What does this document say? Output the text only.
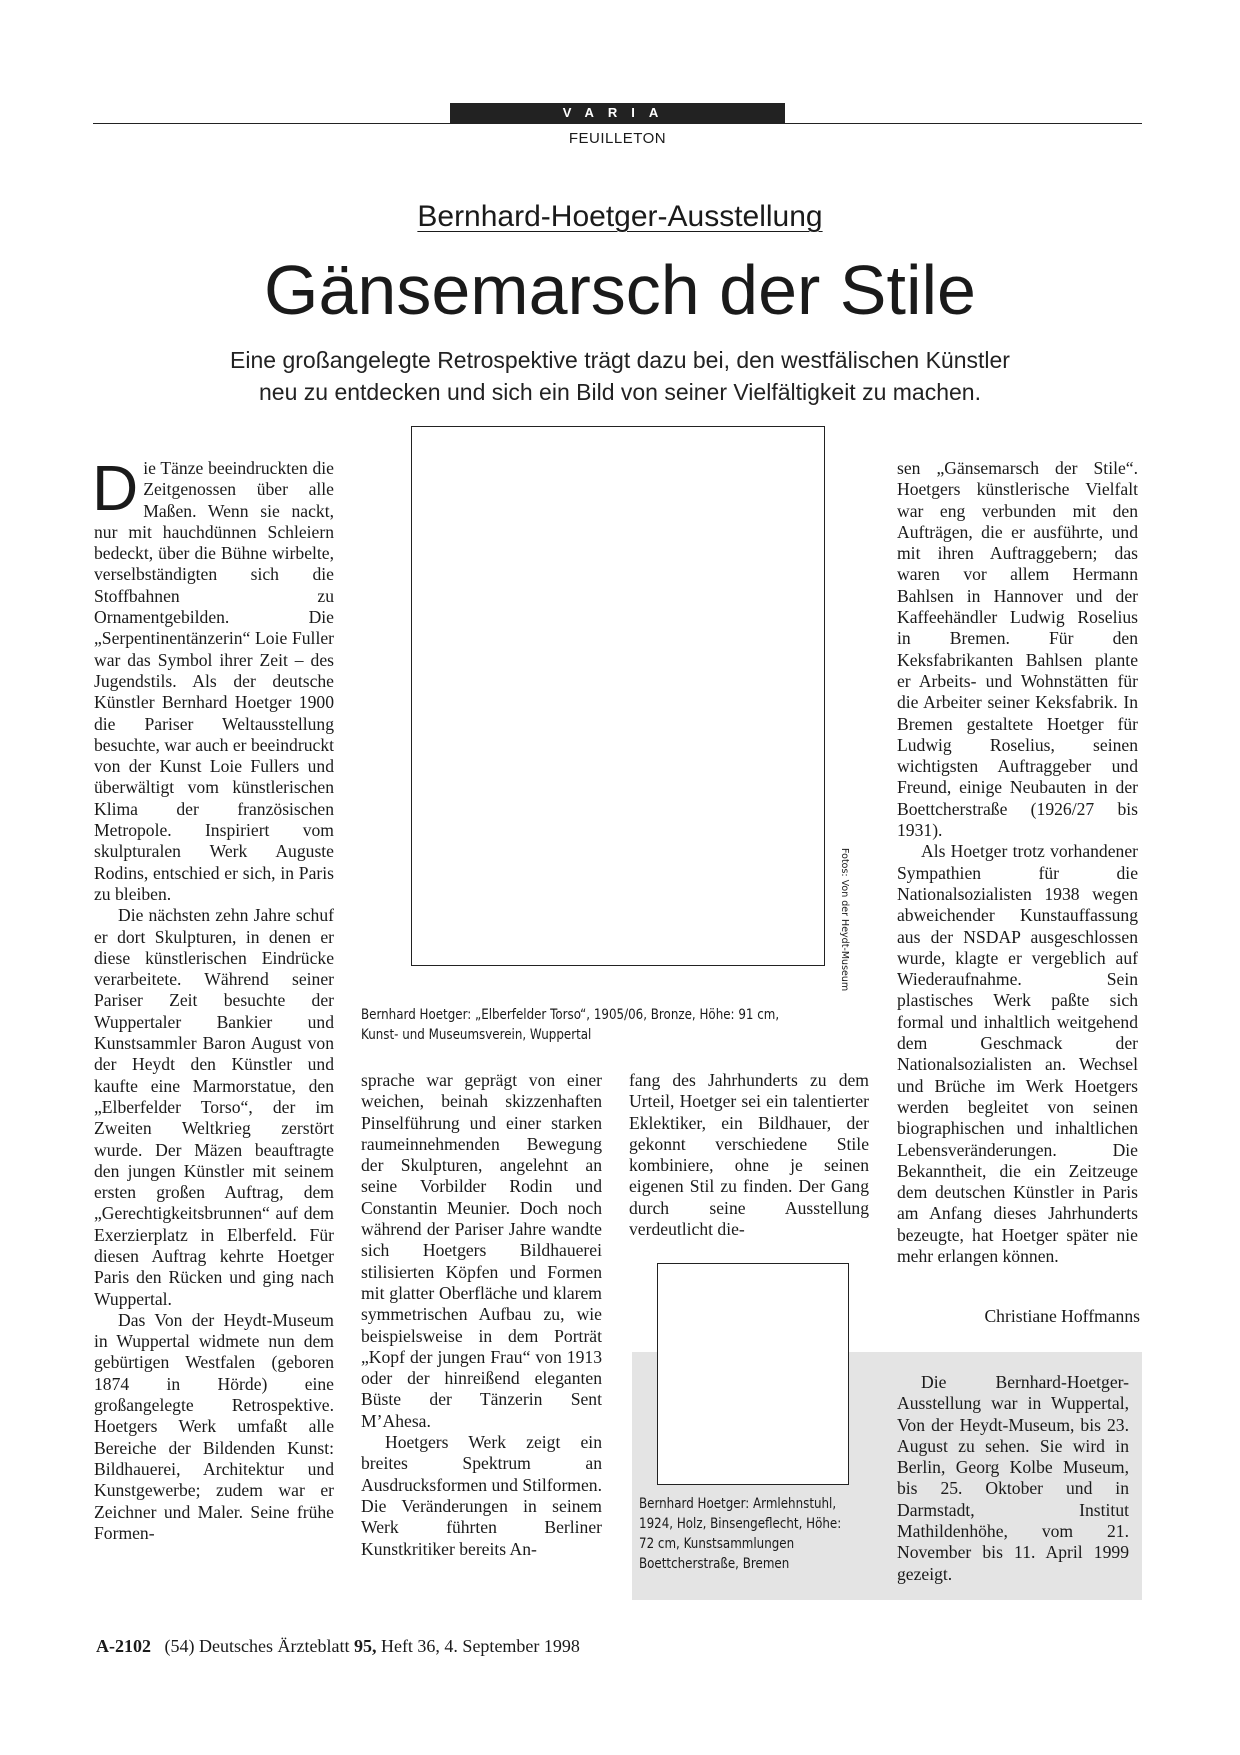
VARIA
FEUILLETON
Bernhard-Hoetger-Ausstellung
Gänsemarsch der Stile
Eine großangelegte Retrospektive trägt dazu bei, den westfälischen Künstler
neu zu entdecken und sich ein Bild von seiner Vielfältigkeit zu machen.

Die Tänze beeindruckten die Zeitgenossen über alle Maßen. Wenn sie nackt, nur mit hauchdünnen Schleiern bedeckt, über die Bühne wirbelte, verselbständigten sich die Stoffbahnen zu Ornamentgebilden. Die „Serpentinentänzerin“ Loie Fuller war das Symbol ihrer Zeit – des Jugendstils. Als der deutsche Künstler Bernhard Hoetger 1900 die Pariser Weltausstellung besuchte, war auch er beeindruckt von der Kunst Loie Fullers und überwältigt vom künstlerischen Klima der französischen Metropole. Inspiriert vom skulpturalen Werk Auguste Rodins, entschied er sich, in Paris zu bleiben.

Die nächsten zehn Jahre schuf er dort Skulpturen, in denen er diese künstlerischen Eindrücke verarbeitete. Während seiner Pariser Zeit besuchte der Wuppertaler Bankier und Kunstsammler Baron August von der Heydt den Künstler und kaufte eine Marmorstatue, den „Elberfelder Torso“, der im Zweiten Weltkrieg zerstört wurde. Der Mäzen beauftragte den jungen Künstler mit seinem ersten großen Auftrag, dem „Gerechtigkeitsbrunnen“ auf dem Exerzierplatz in Elberfeld. Für diesen Auftrag kehrte Hoetger Paris den Rücken und ging nach Wuppertal.

Das Von der Heydt-Museum in Wuppertal widmete nun dem gebürtigen Westfalen (geboren 1874 in Hörde) eine großangelegte Retrospektive. Hoetgers Werk umfaßt alle Bereiche der Bildenden Kunst: Bildhauerei, Architektur und Kunstgewerbe; zudem war er Zeichner und Maler. Seine frühe Formen-

Fotos: Von der Heydt-Museum
Bernhard Hoetger: „Elberfelder Torso“, 1905/06, Bronze, Höhe: 91 cm, Kunst- und Museumsverein, Wuppertal

sprache war geprägt von einer weichen, beinah skizzenhaften Pinselführung und einer starken raumeinnehmenden Bewegung der Skulpturen, angelehnt an seine Vorbilder Rodin und Constantin Meunier. Doch noch während der Pariser Jahre wandte sich Hoetgers Bildhauerei stilisierten Köpfen und Formen mit glatter Oberfläche und klarem symmetrischen Aufbau zu, wie beispielsweise in dem Porträt „Kopf der jungen Frau“ von 1913 oder der hinreißend eleganten Büste der Tänzerin Sent M’Ahesa.

Hoetgers Werk zeigt ein breites Spektrum an Ausdrucksformen und Stilformen. Die Veränderungen in seinem Werk führten Berliner Kunstkritiker bereits An-

fang des Jahrhunderts zu dem Urteil, Hoetger sei ein talentierter Eklektiker, ein Bildhauer, der gekonnt verschiedene Stile kombiniere, ohne je seinen eigenen Stil zu finden. Der Gang durch seine Ausstellung verdeutlicht die-

Bernhard Hoetger: Armlehnstuhl, 1924, Holz, Binsengeflecht, Höhe: 72 cm, Kunstsammlungen Boettcherstraße, Bremen

sen „Gänsemarsch der Stile“. Hoetgers künstlerische Vielfalt war eng verbunden mit den Aufträgen, die er ausführte, und mit ihren Auftraggebern; das waren vor allem Hermann Bahlsen in Hannover und der Kaffeehändler Ludwig Roselius in Bremen. Für den Keksfabrikanten Bahlsen plante er Arbeits- und Wohnstätten für die Arbeiter seiner Keksfabrik. In Bremen gestaltete Hoetger für Ludwig Roselius, seinen wichtigsten Auftraggeber und Freund, einige Neubauten in der Boettcherstraße (1926/27 bis 1931).

Als Hoetger trotz vorhandener Sympathien für die Nationalsozialisten 1938 wegen abweichender Kunstauffassung aus der NSDAP ausgeschlossen wurde, klagte er vergeblich auf Wiederaufnahme. Sein plastisches Werk paßte sich formal und inhaltlich weitgehend dem Geschmack der Nationalsozialisten an. Wechsel und Brüche im Werk Hoetgers werden begleitet von seinen biographischen und inhaltlichen Lebensveränderungen. Die Bekanntheit, die ein Zeitzeuge dem deutschen Künstler in Paris am Anfang dieses Jahrhunderts bezeugte, hat Hoetger später nie mehr erlangen können.

Christiane Hoffmanns

Die Bernhard-Hoetger-Ausstellung war in Wuppertal, Von der Heydt-Museum, bis 23. August zu sehen. Sie wird in Berlin, Georg Kolbe Museum, bis 25. Oktober und in Darmstadt, Institut Mathildenhöhe, vom 21. November bis 11. April 1999 gezeigt.

A-2102 (54) Deutsches Ärzteblatt 95, Heft 36, 4. September 1998
